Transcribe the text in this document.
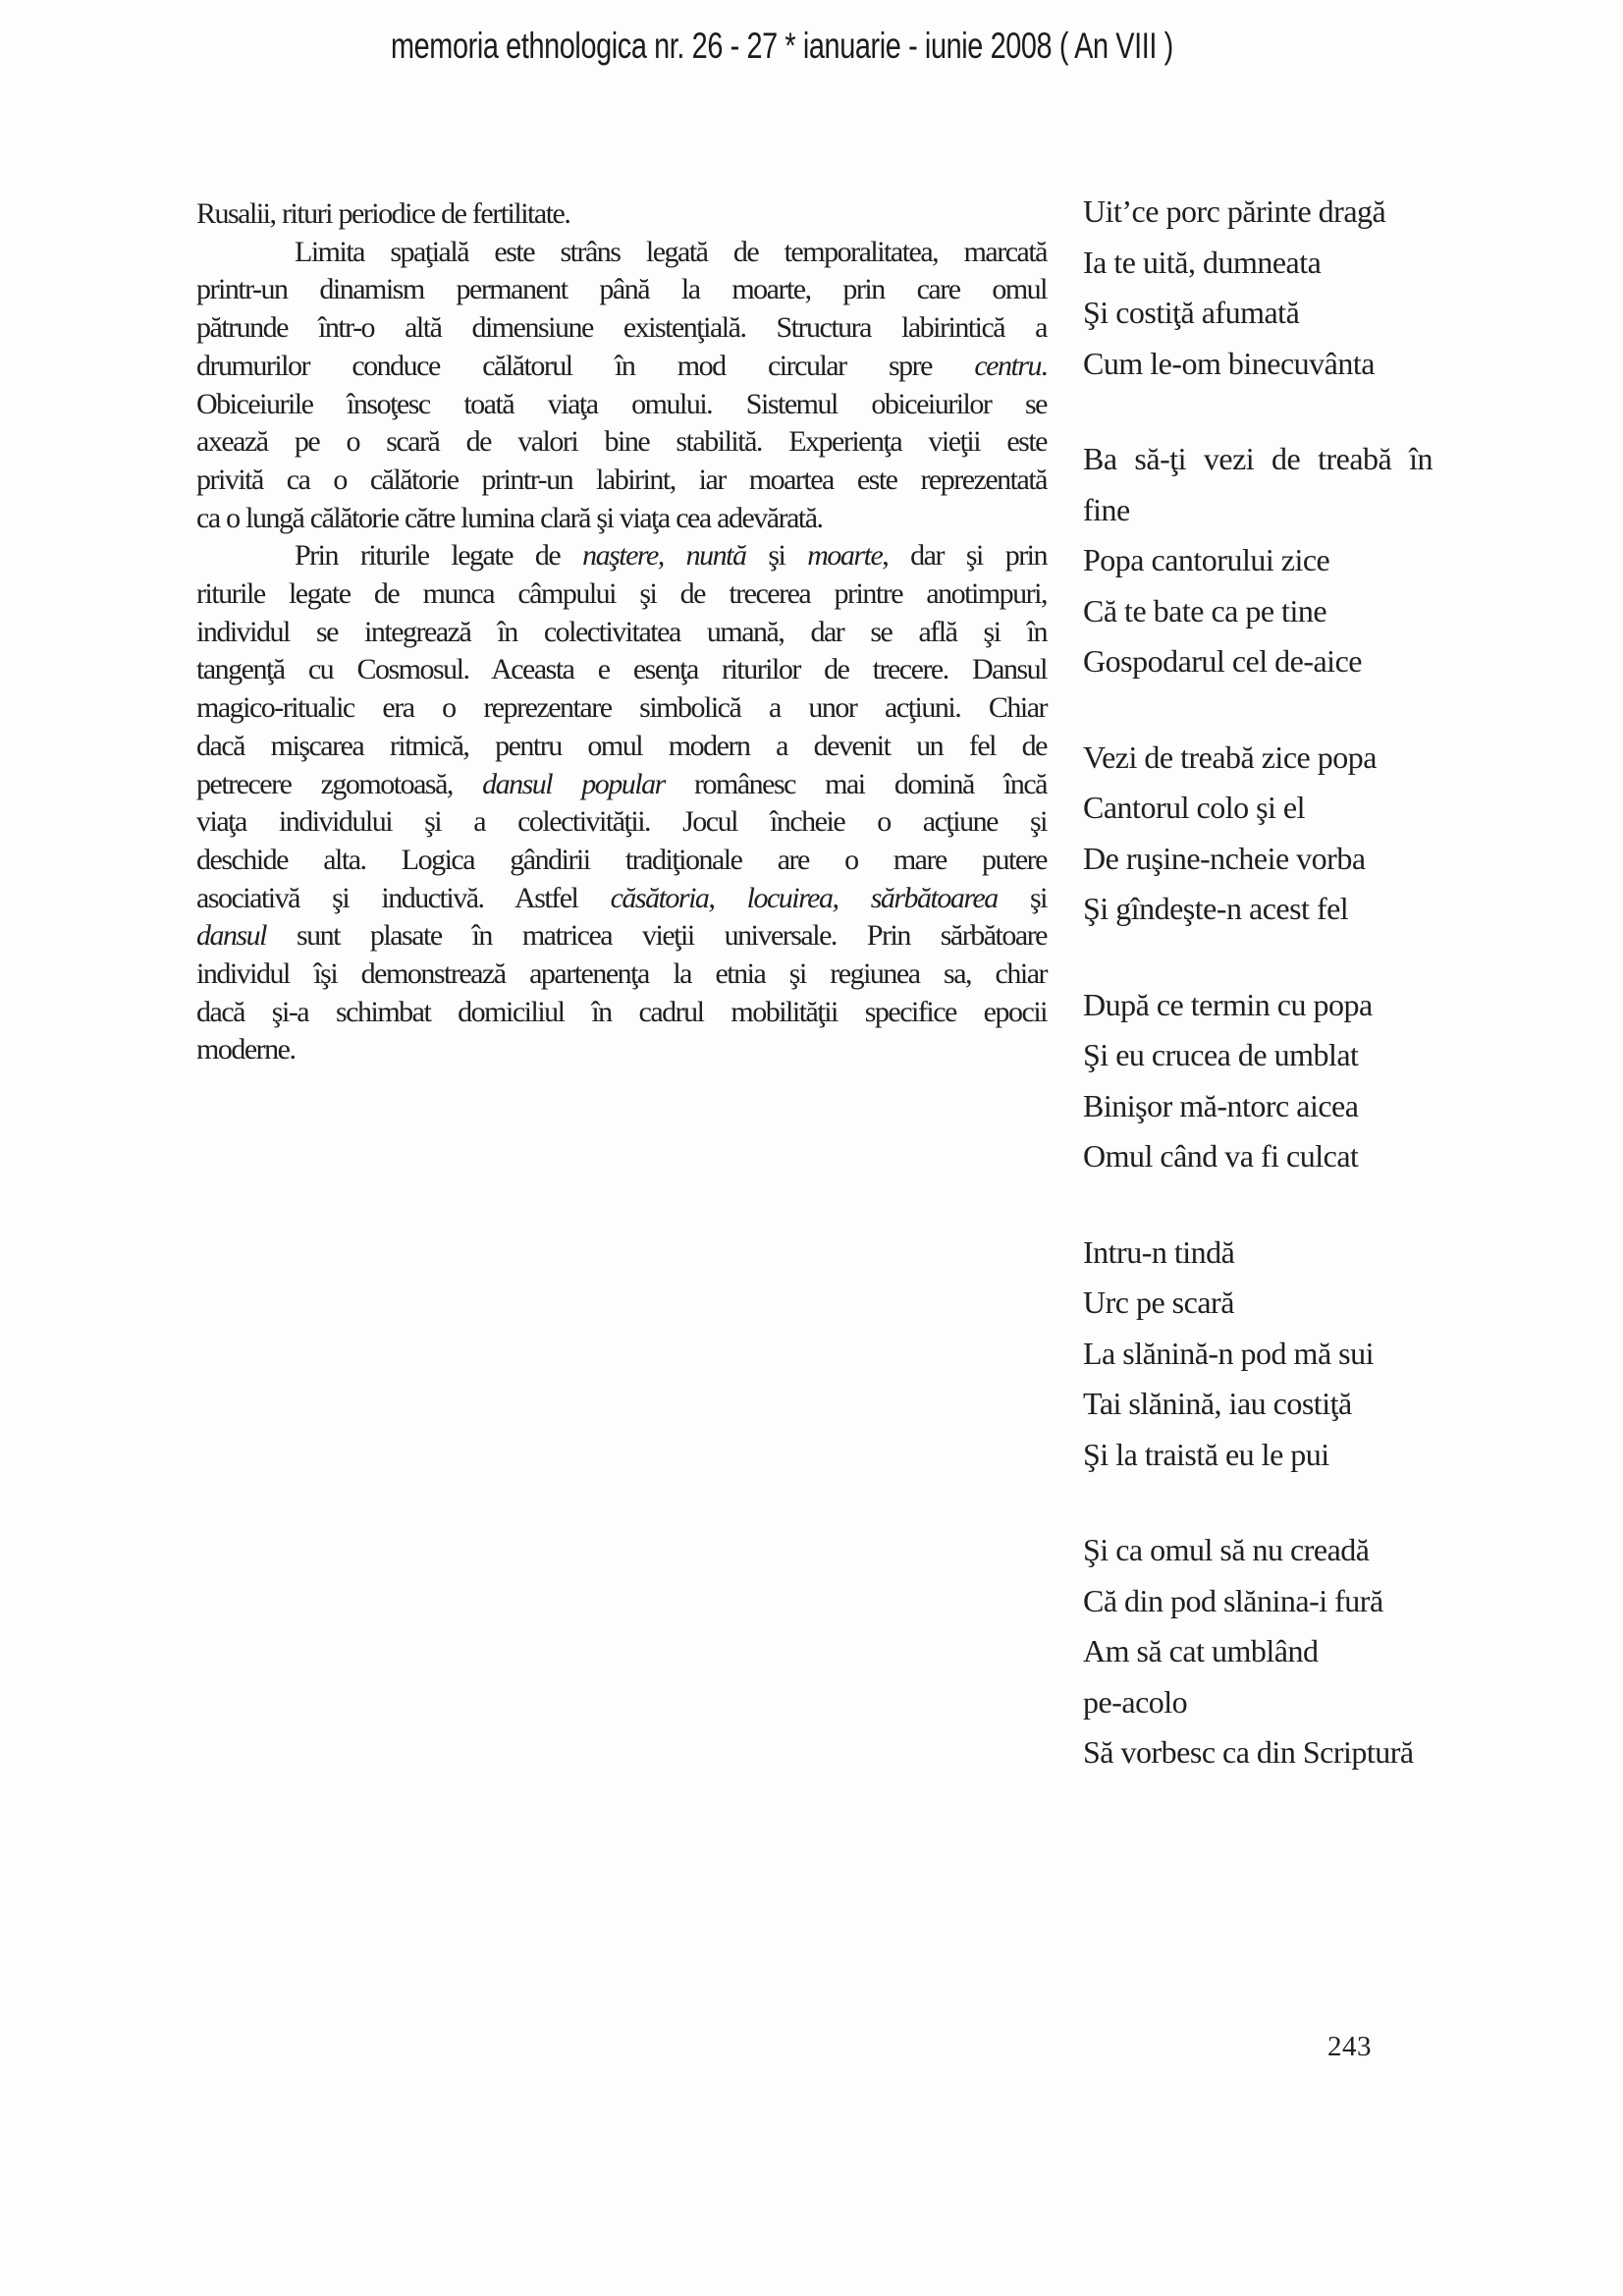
memoria ethnologica nr. 26 - 27 * ianuarie - iunie 2008 ( An VIII )
Rusalii, rituri periodice de fertilitate.
Limita spaţială este strâns legată de temporalitatea, marcată
printr-un dinamism permanent până la moarte, prin care omul
pătrunde într-o altă dimensiune existenţială. Structura labirintică a
drumurilor conduce călătorul în mod circular spre centru.
Obiceiurile însoţesc toată viaţa omului. Sistemul obiceiurilor se
axează pe o scară de valori bine stabilită. Experienţa vieţii este
privită ca o călătorie printr-un labirint, iar moartea este reprezentată
ca o lungă călătorie către lumina clară şi viaţa cea adevărată.
Prin riturile legate de naştere, nuntă şi moarte, dar şi prin
riturile legate de munca câmpului şi de trecerea printre anotimpuri,
individul se integrează în colectivitatea umană, dar se află şi în
tangenţă cu Cosmosul. Aceasta e esenţa riturilor de trecere. Dansul
magico-ritualic era o reprezentare simbolică a unor acţiuni. Chiar
dacă mişcarea ritmică, pentru omul modern a devenit un fel de
petrecere zgomotoasă, dansul popular românesc mai domină încă
viaţa individului şi a colectivităţii. Jocul încheie o acţiune şi
deschide alta. Logica gândirii tradiţionale are o mare putere
asociativă şi inductivă. Astfel căsătoria, locuirea, sărbătoarea şi
dansul sunt plasate în matricea vieţii universale. Prin sărbătoare
individul îşi demonstrează apartenenţa la etnia şi regiunea sa, chiar
dacă şi-a schimbat domiciliul în cadrul mobilităţii specifice epocii
moderne.
Uit’ce porc părinte dragă
Ia te uită, dumneata
Şi costiţă afumată
Cum le-om binecuvânta
Ba să-ţi vezi de treabă în
fine
Popa cantorului zice
Că te bate ca pe tine
Gospodarul cel de-aice
Vezi de treabă zice popa
Cantorul colo şi el
De ruşine-ncheie vorba
Şi gîndeşte-n acest fel
După ce termin cu popa
Şi eu crucea de umblat
Binişor mă-ntorc aicea
Omul când va fi culcat
Intru-n tindă
Urc pe scară
La slănină-n pod mă sui
Tai slănină, iau costiţă
Şi la traistă eu le pui
Şi ca omul să nu creadă
Că din pod slănina-i fură
Am să cat umblând
pe-acolo
Să vorbesc ca din Scriptură
243
